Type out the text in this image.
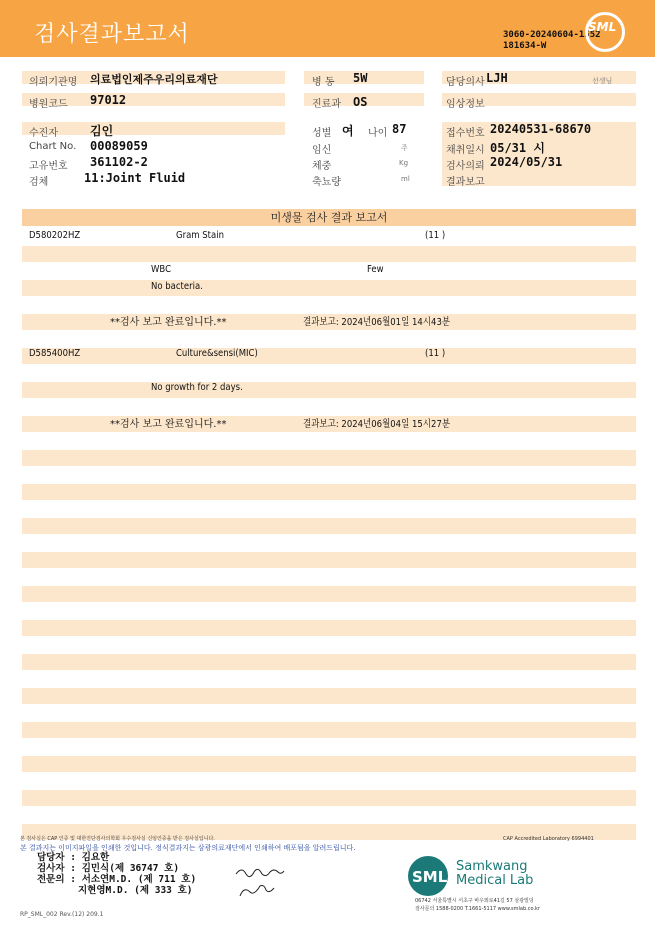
검사결과보고서	3060-20240604-1552
181634-W
SML
의뢰기관명 의료법인제주우리의료재단	병 동 5W	담당의사 LJH	선생님
병원코드 97012	진료과 OS	임상정보
수진자	김인	성별 여 나이 87	접수번호 20240531-68670
Chart No. 00089059	임신	주	채취일시 05/31 시
고유번호 361102-2	체중	Kg	검사의뢰 2024/05/31
검체	11:Joint Fluid	축뇨량	ml	결과보고
미생물 검사 결과 보고서
D580202HZ	Gram Stain	(11 )
WBC	Few
No bacteria.
**검사 보고 완료입니다.**	결과보고: 2024년06월01일 14시43분
D585400HZ	Culture&sensi(MIC)	(11 )
No growth for 2 days.
**검사 보고 완료입니다.**	결과보고: 2024년06월04일 15시27분
본 검사실은 CAP 인증 및 대한진단검사의학회 우수검사실 신임인증을 받은 검사실입니다.	CAP Accredited Laboratory 6994401
본 결과지는 이미지파일을 인쇄한 것입니다. 정식결과지는 삼광의료재단에서 인쇄하여 배포됨을 알려드립니다.
담당자 : 김요한
검사자 : 김민식(제 36747 호)
전문의 : 서소연M.D. (제 711 호)
지현영M.D. (제 333 호)
SML
Samkwang
Medical Lab
06742 서울특별시 서초구 바우뫼로41길 57 삼광빌딩
검사문의 1588-0200 T.1661-5117 www.smlab.co.kr
RP_SML_002 Rev.(12) 209.1
